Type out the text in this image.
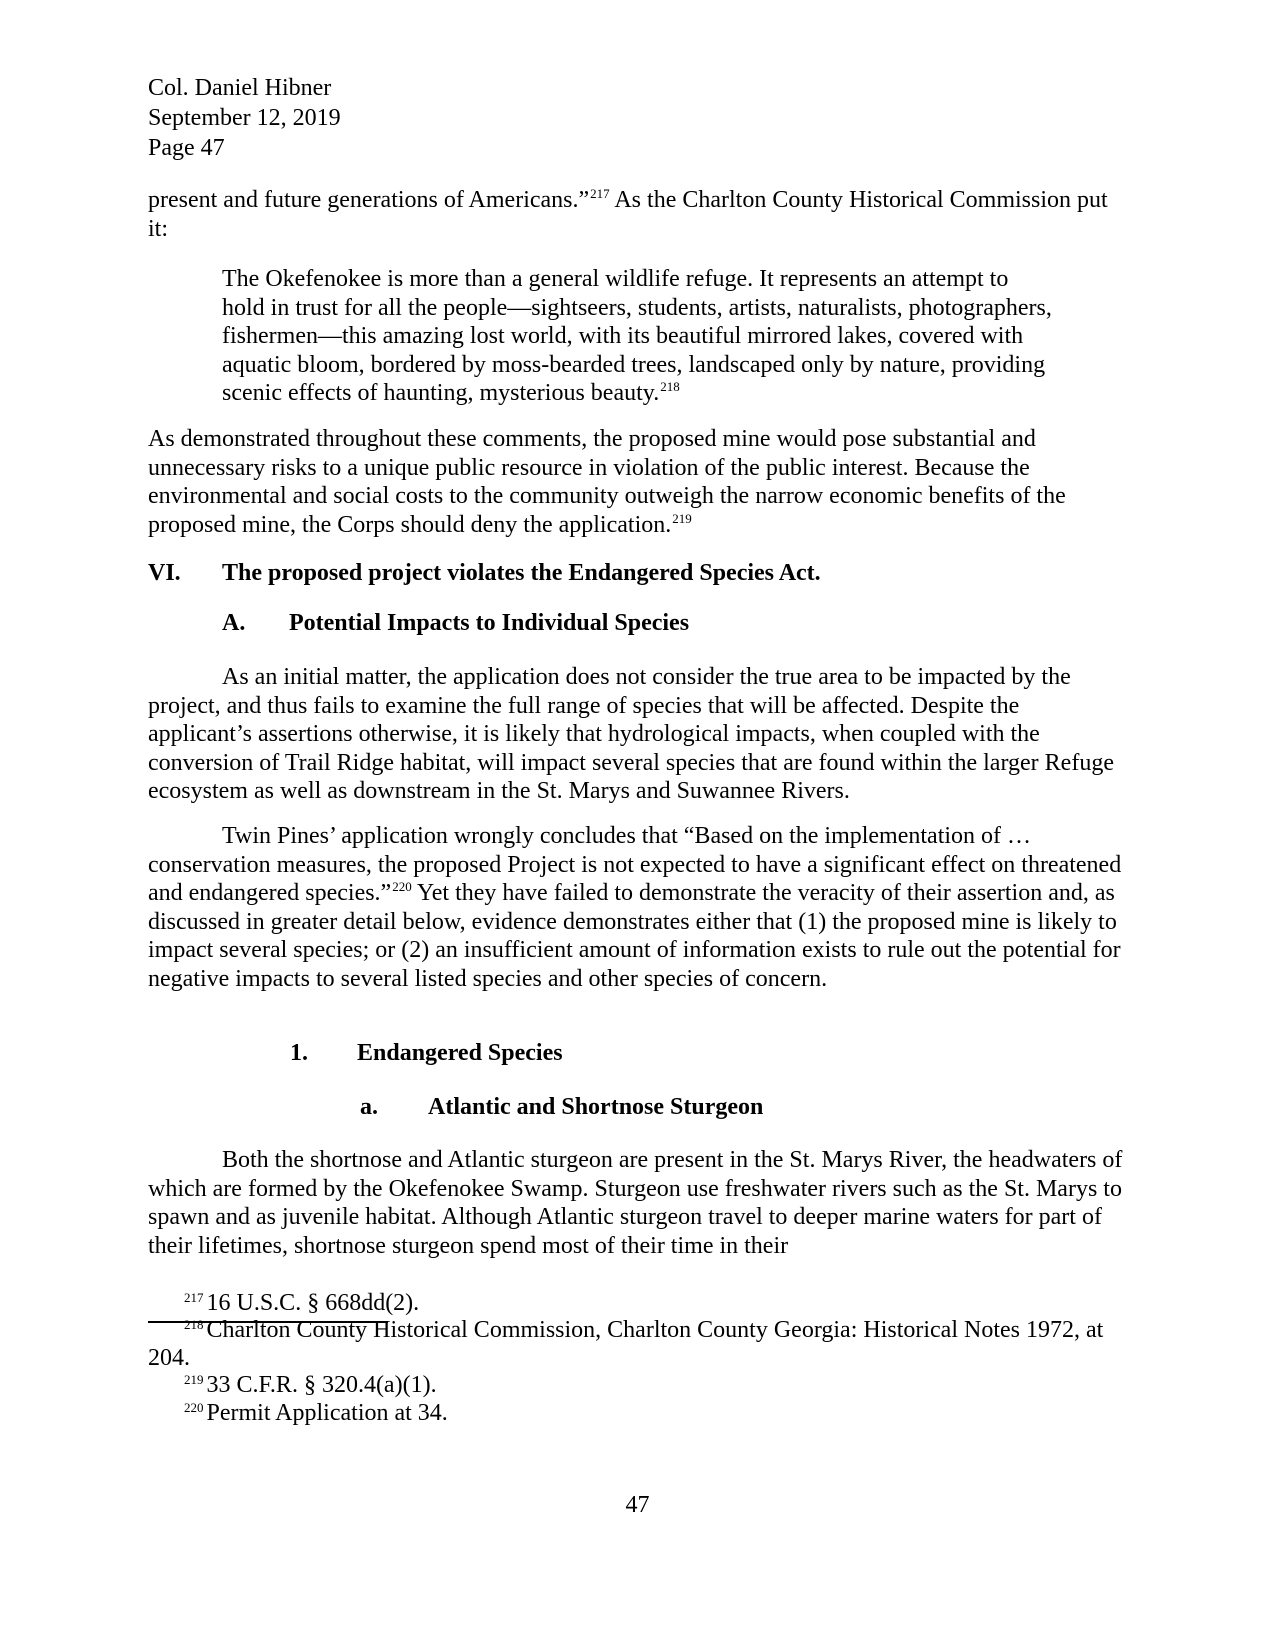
Col. Daniel Hibner
September 12, 2019
Page 47

present and future generations of Americans.”$^{217}$ As the Charlton County Historical Commission put it:

The Okefenokee is more than a general wildlife refuge. It represents an attempt to hold in trust for all the people—sightseers, students, artists, naturalists, photographers, fishermen—this amazing lost world, with its beautiful mirrored lakes, covered with aquatic bloom, bordered by moss-bearded trees, landscaped only by nature, providing scenic effects of haunting, mysterious beauty.$^{218}$

As demonstrated throughout these comments, the proposed mine would pose substantial and unnecessary risks to a unique public resource in violation of the public interest. Because the environmental and social costs to the community outweigh the narrow economic benefits of the proposed mine, the Corps should deny the application.$^{219}$

VI. The proposed project violates the Endangered Species Act.
A. Potential Impacts to Individual Species

As an initial matter, the application does not consider the true area to be impacted by the project, and thus fails to examine the full range of species that will be affected. Despite the applicant’s assertions otherwise, it is likely that hydrological impacts, when coupled with the conversion of Trail Ridge habitat, will impact several species that are found within the larger Refuge ecosystem as well as downstream in the St. Marys and Suwannee Rivers.

Twin Pines’ application wrongly concludes that “Based on the implementation of … conservation measures, the proposed Project is not expected to have a significant effect on threatened and endangered species.”$^{220}$ Yet they have failed to demonstrate the veracity of their assertion and, as discussed in greater detail below, evidence demonstrates either that (1) the proposed mine is likely to impact several species; or (2) an insufficient amount of information exists to rule out the potential for negative impacts to several listed species and other species of concern.

1. Endangered Species
a. Atlantic and Shortnose Sturgeon

Both the shortnose and Atlantic sturgeon are present in the St. Marys River, the headwaters of which are formed by the Okefenokee Swamp. Sturgeon use freshwater rivers such as the St. Marys to spawn and as juvenile habitat. Although Atlantic sturgeon travel to deeper marine waters for part of their lifetimes, shortnose sturgeon spend most of their time in their

$^{217}$ 16 U.S.C. § 668dd(2).

$^{218}$ Charlton County Historical Commission, Charlton County Georgia: Historical Notes 1972, at 204.

$^{219}$ 33 C.F.R. § 320.4(a)(1).

$^{220}$ Permit Application at 34.

47
